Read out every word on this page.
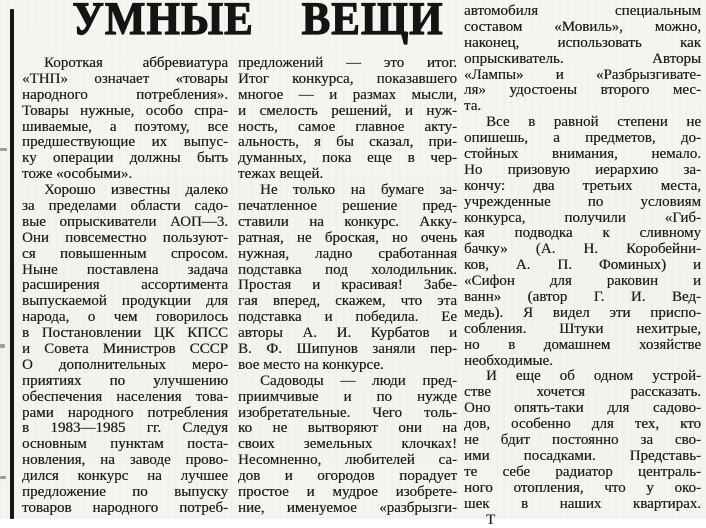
УМНЫЕ ВЕЩИ
Короткая аббревиатура
«ТНП» означает «товары
народного потребления».
Товары нужные, особо спра-
шиваемые, а поэтому, все
предшествующие их выпус-
ку операции должны быть
тоже «особыми».
Хорошо известны далеко
за пределами области садо-
вые опрыскиватели АОП—3.
Они повсеместно пользуют-
ся повышенным спросом.
Ныне поставлена задача
расширения ассортимента
выпускаемой продукции для
народа, о чем говорилось
в Постановлении ЦК КПСС
и Совета Министров СССР
О дополнительных меро-
приятиях по улучшению
обеспечения населения това-
рами народного потребления
в 1983—1985 гг. Следуя
основным пунктам поста-
новления, на заводе прово-
дился конкурс на лучшее
предложение по выпуску
товаров народного потреб-
предложений — это итог.
Итог конкурса, показавшего
многое — и размах мысли,
и смелость решений, и нуж-
ность, самое главное акту-
альность, я бы сказал, при-
думанных, пока еще в чер-
тежах вещей.
Не только на бумаге за-
печатленное решение пред-
ставили на конкурс. Акку-
ратная, не броская, но очень
нужная, ладно сработанная
подставка под холодильник.
Простая и красивая! Забе-
гая вперед, скажем, что эта
подставка и победила. Ее
авторы А. И. Курбатов и
В. Ф. Шипунов заняли пер-
вое место на конкурсе.
Садоводы — люди пред-
приимчивые и по нужде
изобретательные. Чего толь-
ко не вытворяют они на
своих земельных клочках!
Несомненно, любителей са-
дов и огородов порадует
простое и мудрое изобрете-
ние, именуемое «разбрызги-
автомобиля специальным
составом «Мовиль», можно,
наконец, использовать как
опрыскиватель. Авторы
«Лампы» и «Разбрызгивате-
ля» удостоены второго мес-
та.
Все в равной степени не
опишешь, а предметов, до-
стойных внимания, немало.
Но призовую иерархию за-
кончу: два третьих места,
учрежденные по условиям
конкурса, получили «Гиб-
кая подводка к сливному
бачку» (А. Н. Коробейни-
ков, А. П. Фоминых) и
«Сифон для раковин и
ванн» (автор Г. И. Вед-
медь). Я видел эти приспо-
собления. Штуки нехитрые,
но в домашнем хозяйстве
необходимые.
И еще об одном устрой-
стве хочется рассказать.
Оно опять-таки для садово-
дов, особенно для тех, кто
не бдит постоянно за сво-
ими посадками. Представь-
те себе радиатор централь-
ного отопления, что у око-
шек в наших квартирах.
Т
